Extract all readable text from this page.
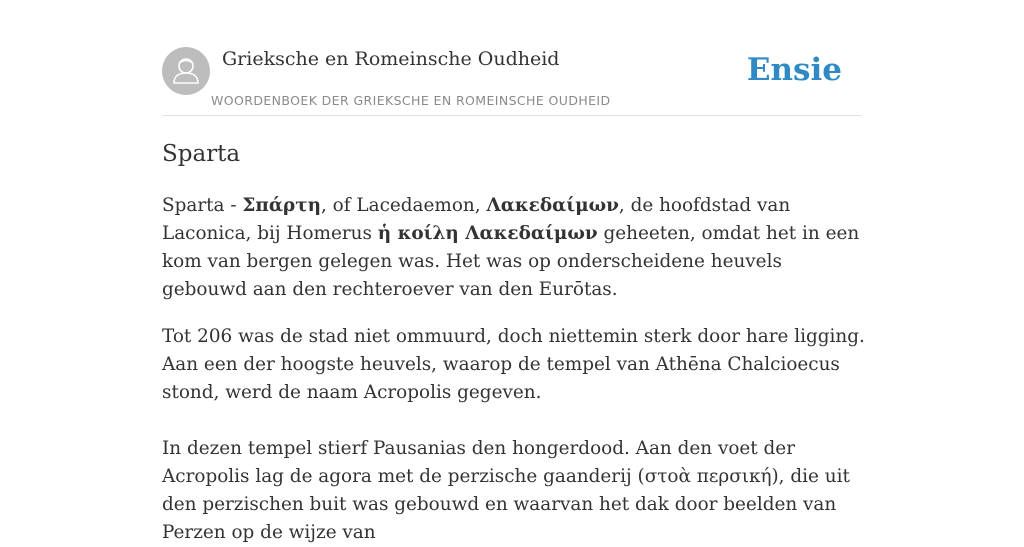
Grieksche en Romeinsche Oudheid
WOORDENBOEK DER GRIEKSCHE EN ROMEINSCHE OUDHEID
Ensie
Sparta

Sparta - Σπάρτη, of Lacedaemon, Λακεδαίμων, de hoofdstad van Laconica, bij Homerus ἡ κοίλη Λακεδαίμων geheeten, omdat het in een kom van bergen gelegen was. Het was op onderscheidene heuvels gebouwd aan den rechteroever van den Eurōtas.

Tot 206 was de stad niet ommuurd, doch niettemin sterk door hare ligging. Aan een der hoogste heuvels, waarop de tempel van Athēna Chalcioecus stond, werd de naam Acropolis gegeven.

In dezen tempel stierf Pausanias den hongerdood. Aan den voet der Acropolis lag de agora met de perzische gaanderij (στοὰ περσική), die uit den perzischen buit was gebouwd en waarvan het dak door beelden van Perzen op de wijze van
